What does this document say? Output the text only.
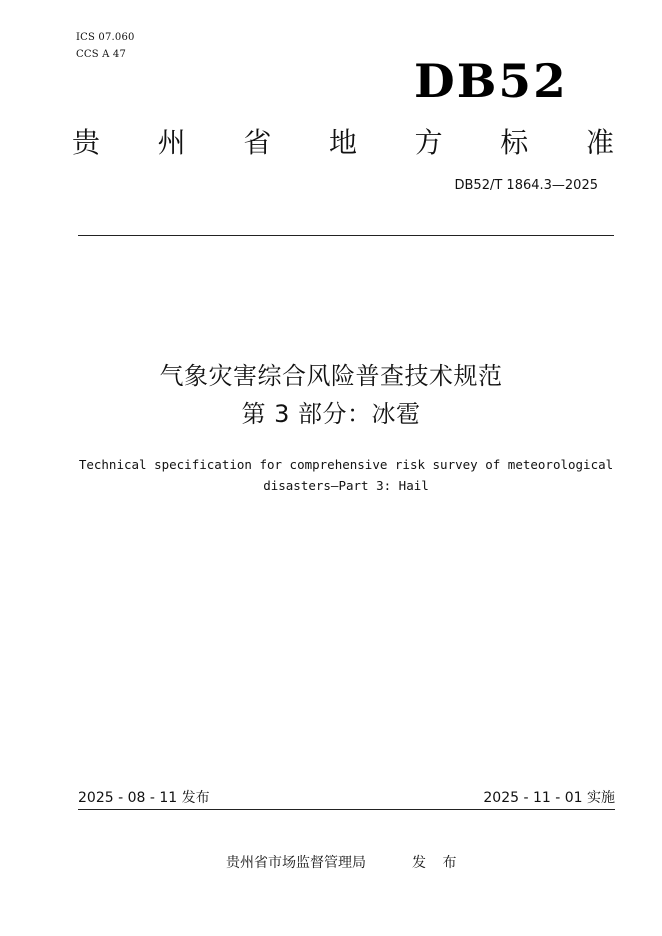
ICS 07.060
CCS A 47	DB52
贵 州 省 地 方 标 准
DB52/T 1864.3—2025
气象灾害综合风险普查技术规范
第 3 部分：冰雹
Technical specification for comprehensive risk survey of meteorological
disasters—Part 3: Hail
2025 - 08 - 11 发布	2025 - 11 - 01 实施
贵州省市场监督管理局	发 布
